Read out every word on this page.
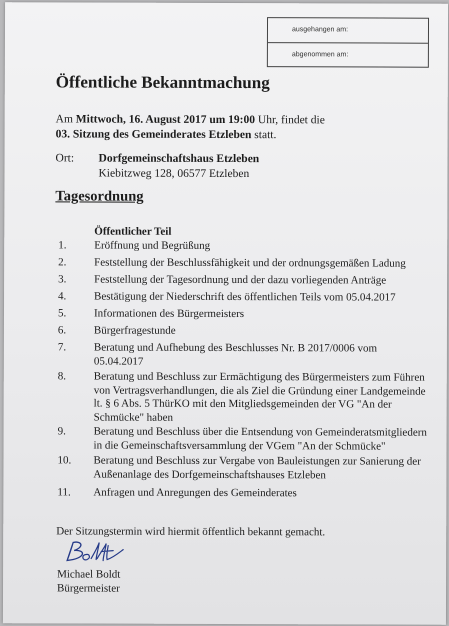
ausgehangen am:
abgenommen am:
Öffentliche Bekanntmachung
Am Mittwoch, 16. August 2017 um 19:00 Uhr, findet die
03. Sitzung des Gemeinderates Etzleben statt.
Ort: Dorfgemeinschaftshaus Etzleben
Kiebitzweg 128, 06577 Etzleben
Tagesordnung
Öffentlicher Teil
1.	Eröffnung und Begrüßung
2.	Feststellung der Beschlussfähigkeit und der ordnungsgemäßen Ladung
3.	Feststellung der Tagesordnung und der dazu vorliegenden Anträge
4.	Bestätigung der Niederschrift des öffentlichen Teils vom 05.04.2017
5.	Informationen des Bürgermeisters
6.	Bürgerfragestunde
7.	Beratung und Aufhebung des Beschlusses Nr. B 2017/0006 vom
05.04.2017
8.	Beratung und Beschluss zur Ermächtigung des Bürgermeisters zum Führen
von Vertragsverhandlungen, die als Ziel die Gründung einer Landgemeinde
lt. § 6 Abs. 5 ThürKO mit den Mitgliedsgemeinden der VG "An der
Schmücke" haben
9.	Beratung und Beschluss über die Entsendung von Gemeinderatsmitgliedern
in die Gemeinschaftsversammlung der VGem "An der Schmücke"
10. Beratung und Beschluss zur Vergabe von Bauleistungen zur Sanierung der
Außenanlage des Dorfgemeinschaftshauses Etzleben
11. Anfragen und Anregungen des Gemeinderates
Der Sitzungstermin wird hiermit öffentlich bekannt gemacht.
Michael Boldt
Bürgermeister
